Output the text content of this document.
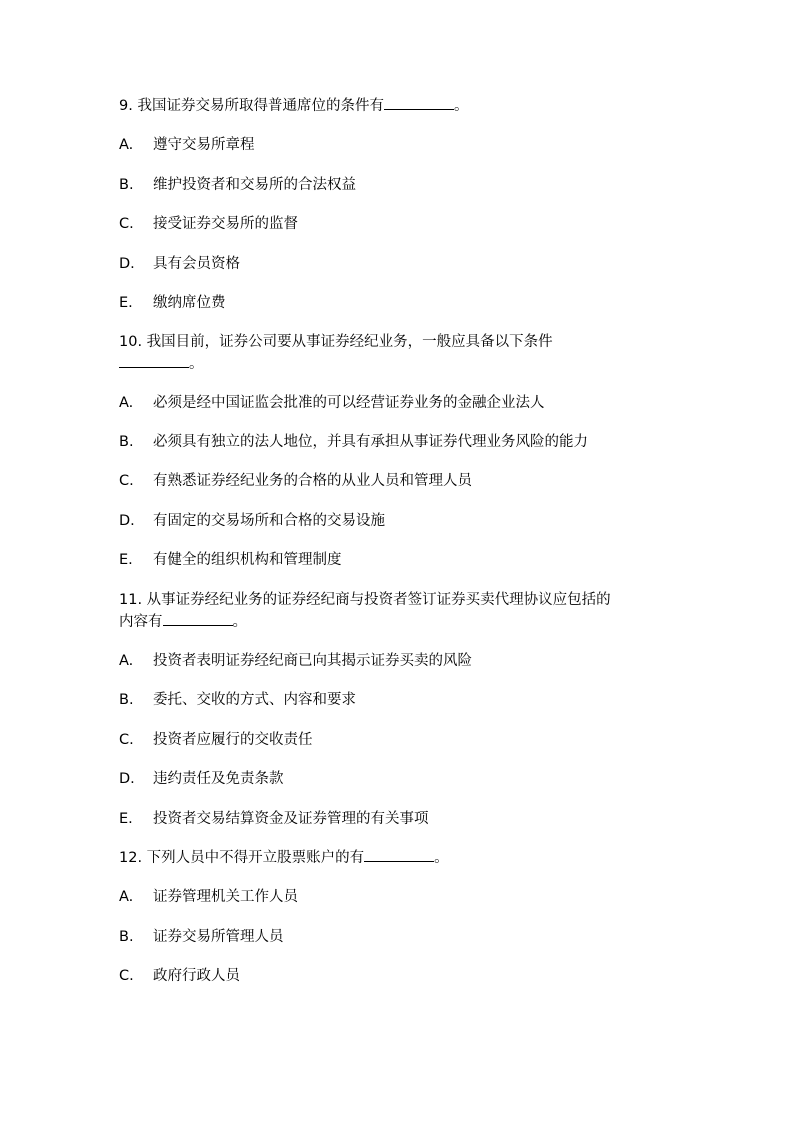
9. 我国证券交易所取得普通席位的条件有	。

A. 遵守交易所章程

B. 维护投资者和交易所的合法权益

C. 接受证券交易所的监督

D. 具有会员资格

E. 缴纳席位费

10. 我国目前，证券公司要从事证券经纪业务，一般应具备以下条件

。

A. 必须是经中国证监会批准的可以经营证券业务的金融企业法人

B. 必须具有独立的法人地位，并具有承担从事证券代理业务风险的能力

C. 有熟悉证券经纪业务的合格的从业人员和管理人员

D. 有固定的交易场所和合格的交易设施

E. 有健全的组织机构和管理制度

11. 从事证券经纪业务的证券经纪商与投资者签订证券买卖代理协议应包括的

内容有	。

A. 投资者表明证券经纪商已向其揭示证券买卖的风险

B. 委托、交收的方式、内容和要求

C. 投资者应履行的交收责任

D. 违约责任及免责条款

E. 投资者交易结算资金及证券管理的有关事项

12. 下列人员中不得开立股票账户的有	。

A. 证券管理机关工作人员

B. 证券交易所管理人员

C. 政府行政人员
